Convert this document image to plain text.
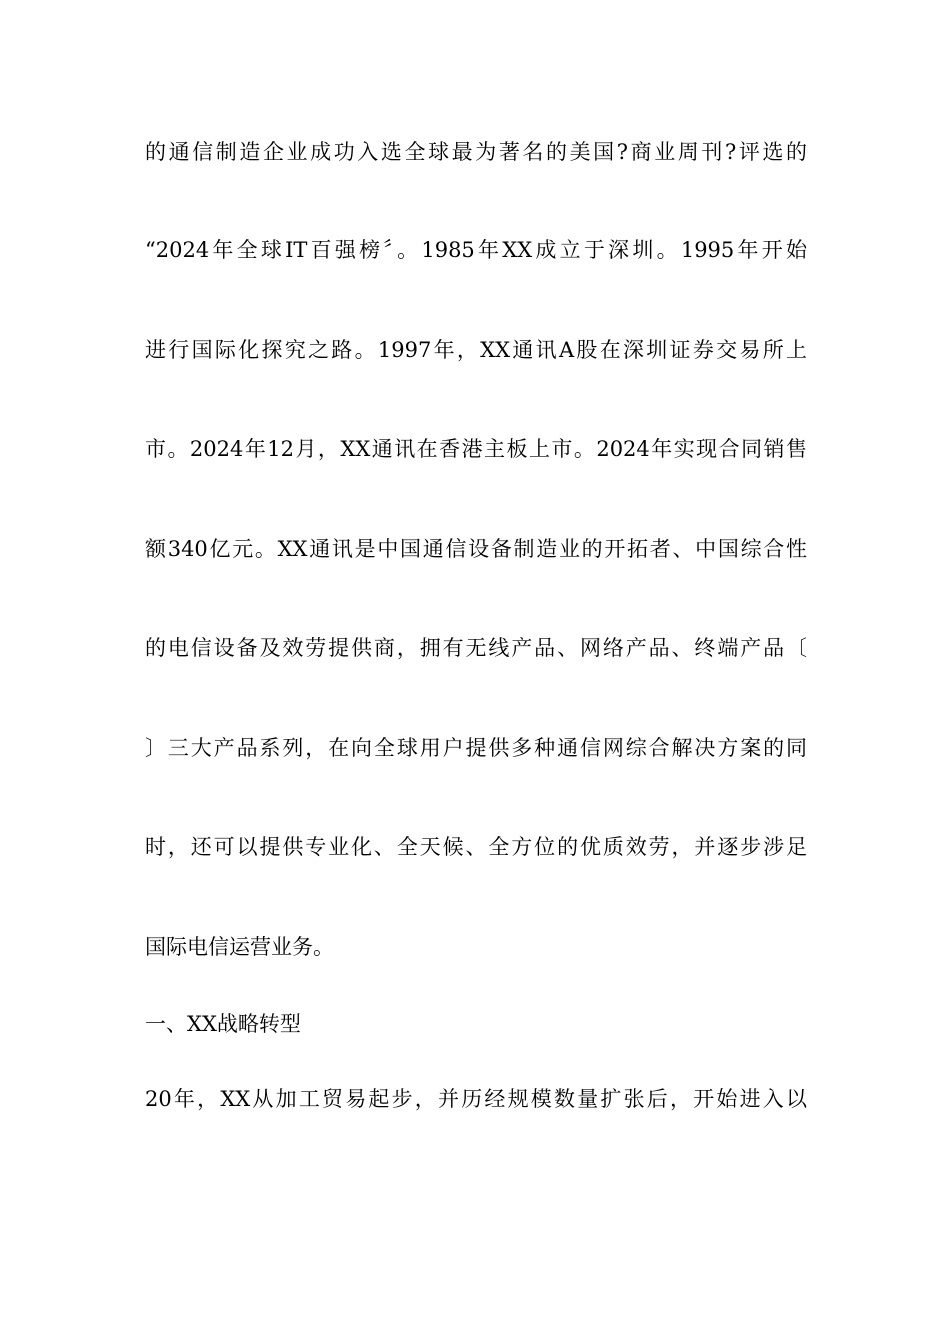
的通信制造企业成功入选全球最为著名的美国?商业周刊?评选的
“2024年全球IT百强榜〞。1985年XX成立于深圳。1995年开始
进行国际化探究之路。1997年，XX通讯A股在深圳证券交易所上
市。2024年12月，XX通讯在香港主板上市。2024年实现合同销售
额340亿元。XX通讯是中国通信设备制造业的开拓者、中国综合性
的电信设备及效劳提供商，拥有无线产品、网络产品、终端产品〔
〕三大产品系列，在向全球用户提供多种通信网综合解决方案的同
时，还可以提供专业化、全天候、全方位的优质效劳，并逐步涉足
国际电信运营业务。
一、XX战略转型
20年，XX从加工贸易起步，并历经规模数量扩张后，开始进入以
